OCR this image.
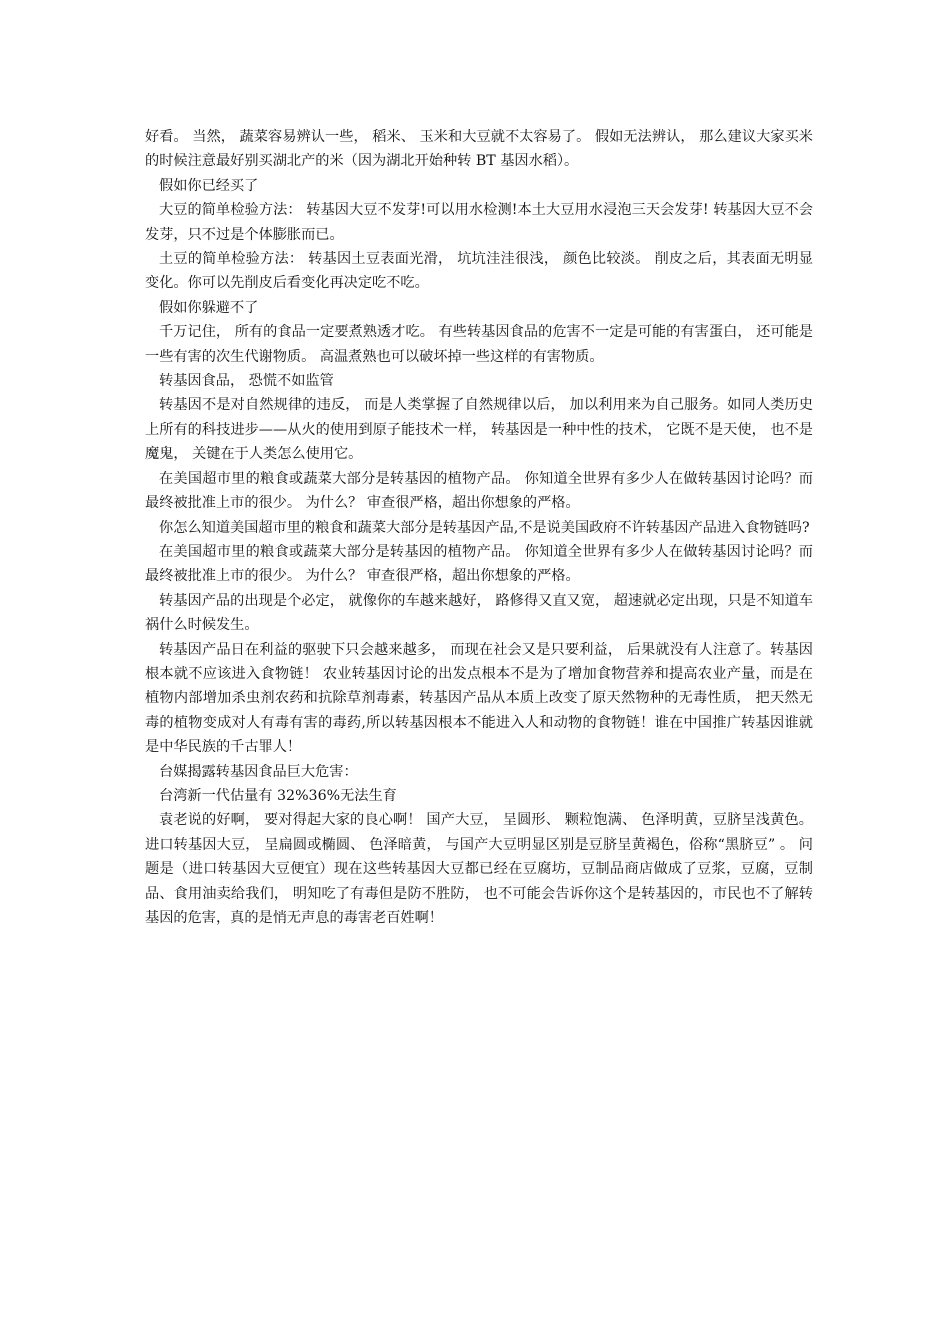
好看。 当然， 蔬菜容易辨认一些， 稻米、 玉米和大豆就不太容易了。 假如无法辨认， 那么建议大家买米的时候注意最好别买湖北产的米（因为湖北开始种转 BT 基因水稻）。

假如你已经买了

大豆的简单检验方法： 转基因大豆不发芽!可以用水检测!本土大豆用水浸泡三天会发芽! 转基因大豆不会发芽，只不过是个体膨胀而已。

土豆的简单检验方法： 转基因土豆表面光滑， 坑坑洼洼很浅， 颜色比较淡。 削皮之后，其表面无明显变化。你可以先削皮后看变化再决定吃不吃。

假如你躲避不了

千万记住， 所有的食品一定要煮熟透才吃。 有些转基因食品的危害不一定是可能的有害蛋白， 还可能是一些有害的次生代谢物质。 高温煮熟也可以破坏掉一些这样的有害物质。

转基因食品， 恐慌不如监管

转基因不是对自然规律的违反， 而是人类掌握了自然规律以后， 加以利用来为自己服务。如同人类历史上所有的科技进步——从火的使用到原子能技术一样， 转基因是一种中性的技术， 它既不是天使， 也不是魔鬼， 关键在于人类怎么使用它。

在美国超市里的粮食或蔬菜大部分是转基因的植物产品。 你知道全世界有多少人在做转基因讨论吗？而最终被批准上市的很少。 为什么？ 审查很严格，超出你想象的严格。

你怎么知道美国超市里的粮食和蔬菜大部分是转基因产品,不是说美国政府不许转基因产品进入食物链吗?

在美国超市里的粮食或蔬菜大部分是转基因的植物产品。 你知道全世界有多少人在做转基因讨论吗？而最终被批准上市的很少。 为什么？ 审查很严格，超出你想象的严格。

转基因产品的出现是个必定， 就像你的车越来越好， 路修得又直又宽， 超速就必定出现，只是不知道车祸什么时候发生。

转基因产品日在利益的驱驶下只会越来越多， 而现在社会又是只要利益， 后果就没有人注意了。转基因根本就不应该进入食物链！ 农业转基因讨论的出发点根本不是为了增加食物营养和提高农业产量，而是在植物内部增加杀虫剂农药和抗除草剂毒素，转基因产品从本质上改变了原天然物种的无毒性质， 把天然无毒的植物变成对人有毒有害的毒药,所以转基因根本不能进入人和动物的食物链！谁在中国推广转基因谁就是中华民族的千古罪人！

台媒揭露转基因食品巨大危害：

台湾新一代估量有 32%36%无法生育

袁老说的好啊， 要对得起大家的良心啊！ 国产大豆， 呈圆形、 颗粒饱满、 色泽明黄，豆脐呈浅黄色。 进口转基因大豆， 呈扁圆或椭圆、 色泽暗黄， 与国产大豆明显区别是豆脐呈黄褐色，俗称“黑脐豆” 。 问题是（进口转基因大豆便宜）现在这些转基因大豆都已经在豆腐坊，豆制品商店做成了豆浆，豆腐，豆制品、食用油卖给我们， 明知吃了有毒但是防不胜防， 也不可能会告诉你这个是转基因的，市民也不了解转基因的危害，真的是悄无声息的毒害老百姓啊！
